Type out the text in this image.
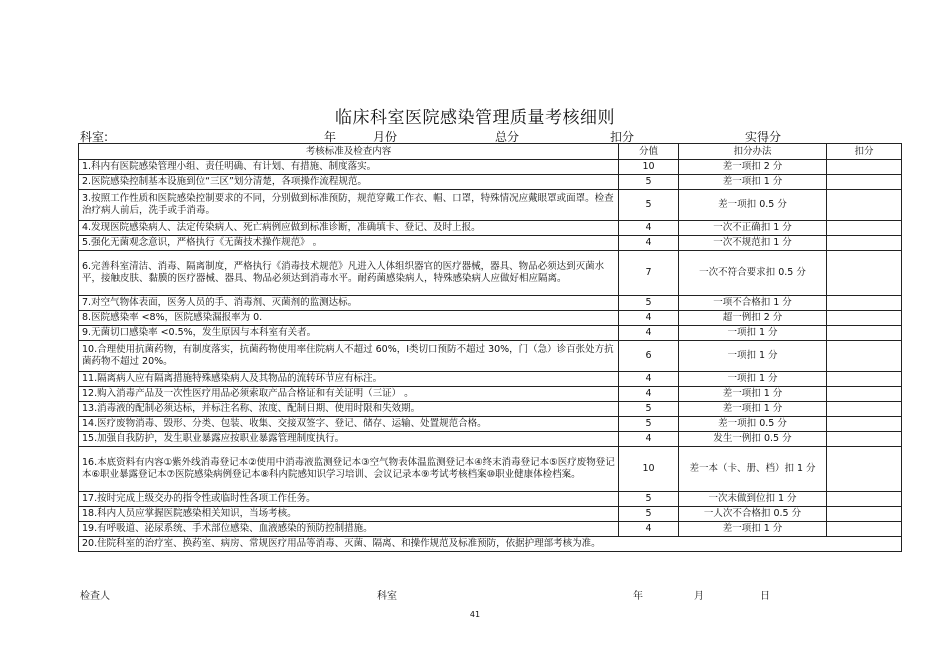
临床科室医院感染管理质量考核细则
科室:	年	月份	总分	扣分	实得分
考核标准及检查内容	分值	扣分办法	扣分
1.科内有医院感染管理小组、责任明确、有计划、有措施、制度落实。	10	差一项扣 2 分	
2.医院感染控制基本设施到位“三区”划分清楚，各项操作流程规范。	5	差一项扣 1 分	
3.按照工作性质和医院感染控制要求的不同，分别做到标准预防，规范穿戴工作衣、帽、口罩，特殊情况应戴眼罩或面罩。检查治疗病人前后，洗手或手消毒。	5	差一项扣 0.5 分	
4.发现医院感染病人、法定传染病人、死亡病例应做到标准诊断，准确填卡、登记、及时上报。	4	一次不正确扣 1 分	
5.强化无菌观念意识，严格执行《无菌技术操作规范》 。	4	一次不规范扣 1 分	
6.完善科室清洁、消毒、隔离制度，严格执行《消毒技术规范》凡进入人体组织器官的医疗器械，器具、物品必须达到灭菌水平，接触皮肤、黏膜的医疗器械、器具、物品必须达到消毒水平。耐药菌感染病人，特殊感染病人应做好相应隔离。	7	一次不符合要求扣 0.5 分	
7.对空气物体表面，医务人员的手、消毒剂、灭菌剂的监测达标。	5	一项不合格扣 1 分	
8.医院感染率 <8%，医院感染漏报率为 0.	4	超一例扣 2 分	
9.无菌切口感染率 <0.5%，发生原因与本科室有关者。	4	一项扣 1 分	
10.合理使用抗菌药物，有制度落实，抗菌药物使用率住院病人不超过 60%，Ⅰ类切口预防不超过 30%，门（急）诊百张处方抗菌药物不超过 20%。	6	一项扣 1 分	
11.隔离病人应有隔离措施特殊感染病人及其物品的流转环节应有标注。	4	一项扣 1 分	
12.购入消毒产品及一次性医疗用品必须索取产品合格证和有关证明（三证） 。	4	差一项扣 1 分	
13.消毒液的配制必须达标，并标注名称、浓度、配制日期、使用时限和失效期。	5	差一项扣 1 分	
14.医疗废物消毒、毁形、分类、包装、收集、交接双签字、登记、储存、运输、处置规范合格。	5	差一项扣 0.5 分	
15.加强自我防护，发生职业暴露应按职业暴露管理制度执行。	4	发生一例扣 0.5 分	
16.本底资料有内容①紫外线消毒登记本②使用中消毒液监测登记本③空气物表体温监测登记本④终末消毒登记本⑤医疗废物登记本⑥职业暴露登记本⑦医院感染病例登记本⑧科内院感知识学习培训、会议记录本⑨考试考核档案⑩职业健康体检档案。	10	差一本（卡、册、档）扣 1 分	
17.按时完成上级交办的指令性或临时性各项工作任务。	5	一次未做到位扣 1 分	
18.科内人员应掌握医院感染相关知识，当场考核。	5	一人次不合格扣 0.5 分	
19.有呼吸道、泌尿系统、手术部位感染、血液感染的预防控制措施。	4	差一项扣 1 分	
20.住院科室的治疗室、换药室、病房、常规医疗用品等消毒、灭菌、隔离、和操作规范及标准预防，依据护理部考核为准。			
检查人	科室	年	月	日
41
